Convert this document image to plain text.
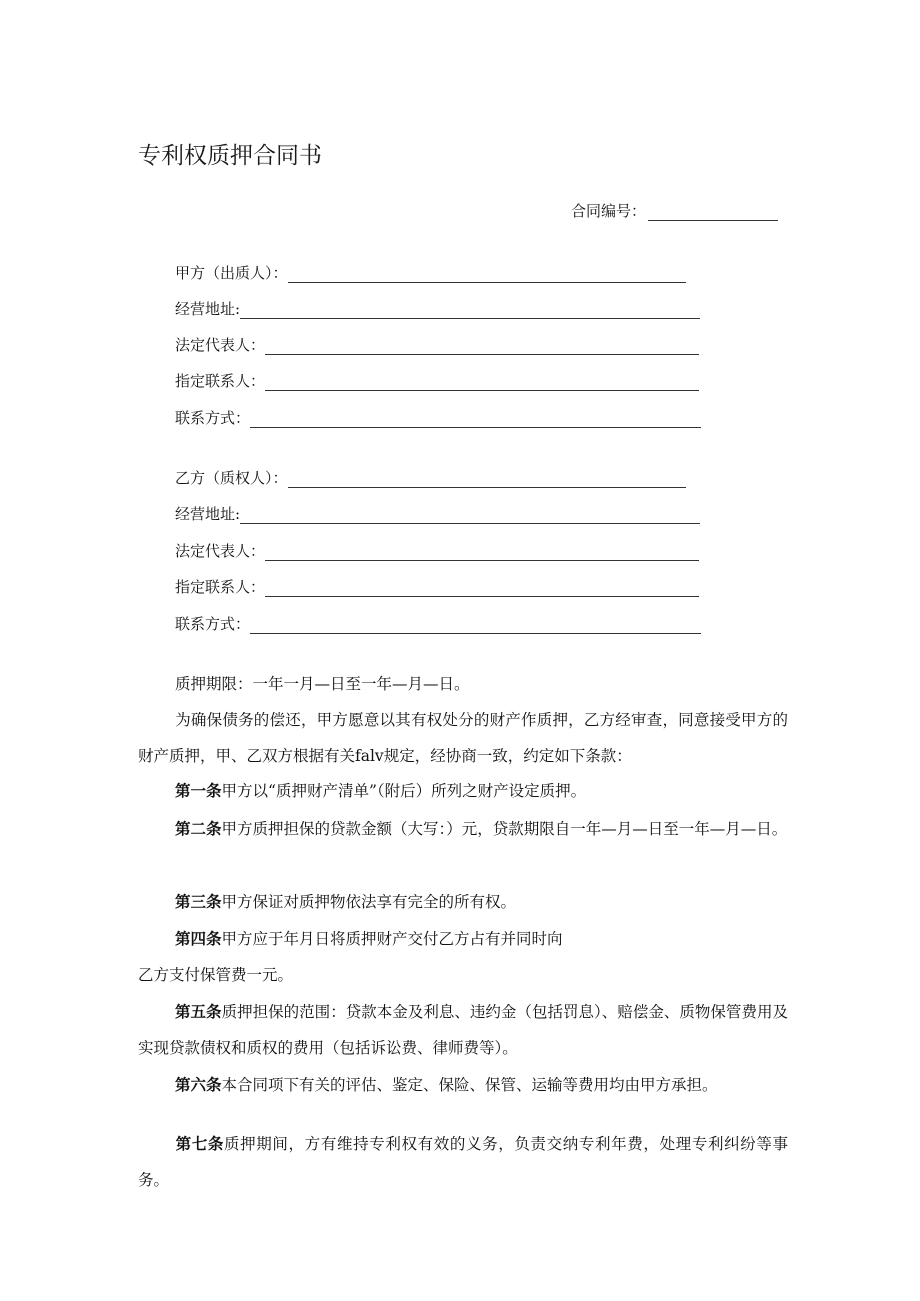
专利权质押合同书
合同编号：
甲方（出质人）：
经营地址:
法定代表人：
指定联系人：
联系方式：
乙方（质权人）：
经营地址:
法定代表人：
指定联系人：
联系方式：
质押期限：一年一月—日至一年—月—日。
为确保债务的偿还，甲方愿意以其有权处分的财产作质押，乙方经审查，同意接受甲方的财产质押，甲、乙双方根据有关falv规定，经协商一致，约定如下条款：
第一条甲方以“质押财产清单”（附后）所列之财产设定质押。
第二条甲方质押担保的贷款金额（大写：）元，贷款期限自一年—月—日至一年—月—日。
第三条甲方保证对质押物依法享有完全的所有权。
第四条甲方应于年月日将质押财产交付乙方占有并同时向
乙方支付保管费一元。
第五条质押担保的范围：贷款本金及利息、违约金（包括罚息）、赔偿金、质物保管费用及实现贷款债权和质权的费用（包括诉讼费、律师费等）。
第六条本合同项下有关的评估、鉴定、保险、保管、运输等费用均由甲方承担。
第七条质押期间，方有维持专利权有效的义务，负责交纳专利年费，处理专利纠纷等事务。
